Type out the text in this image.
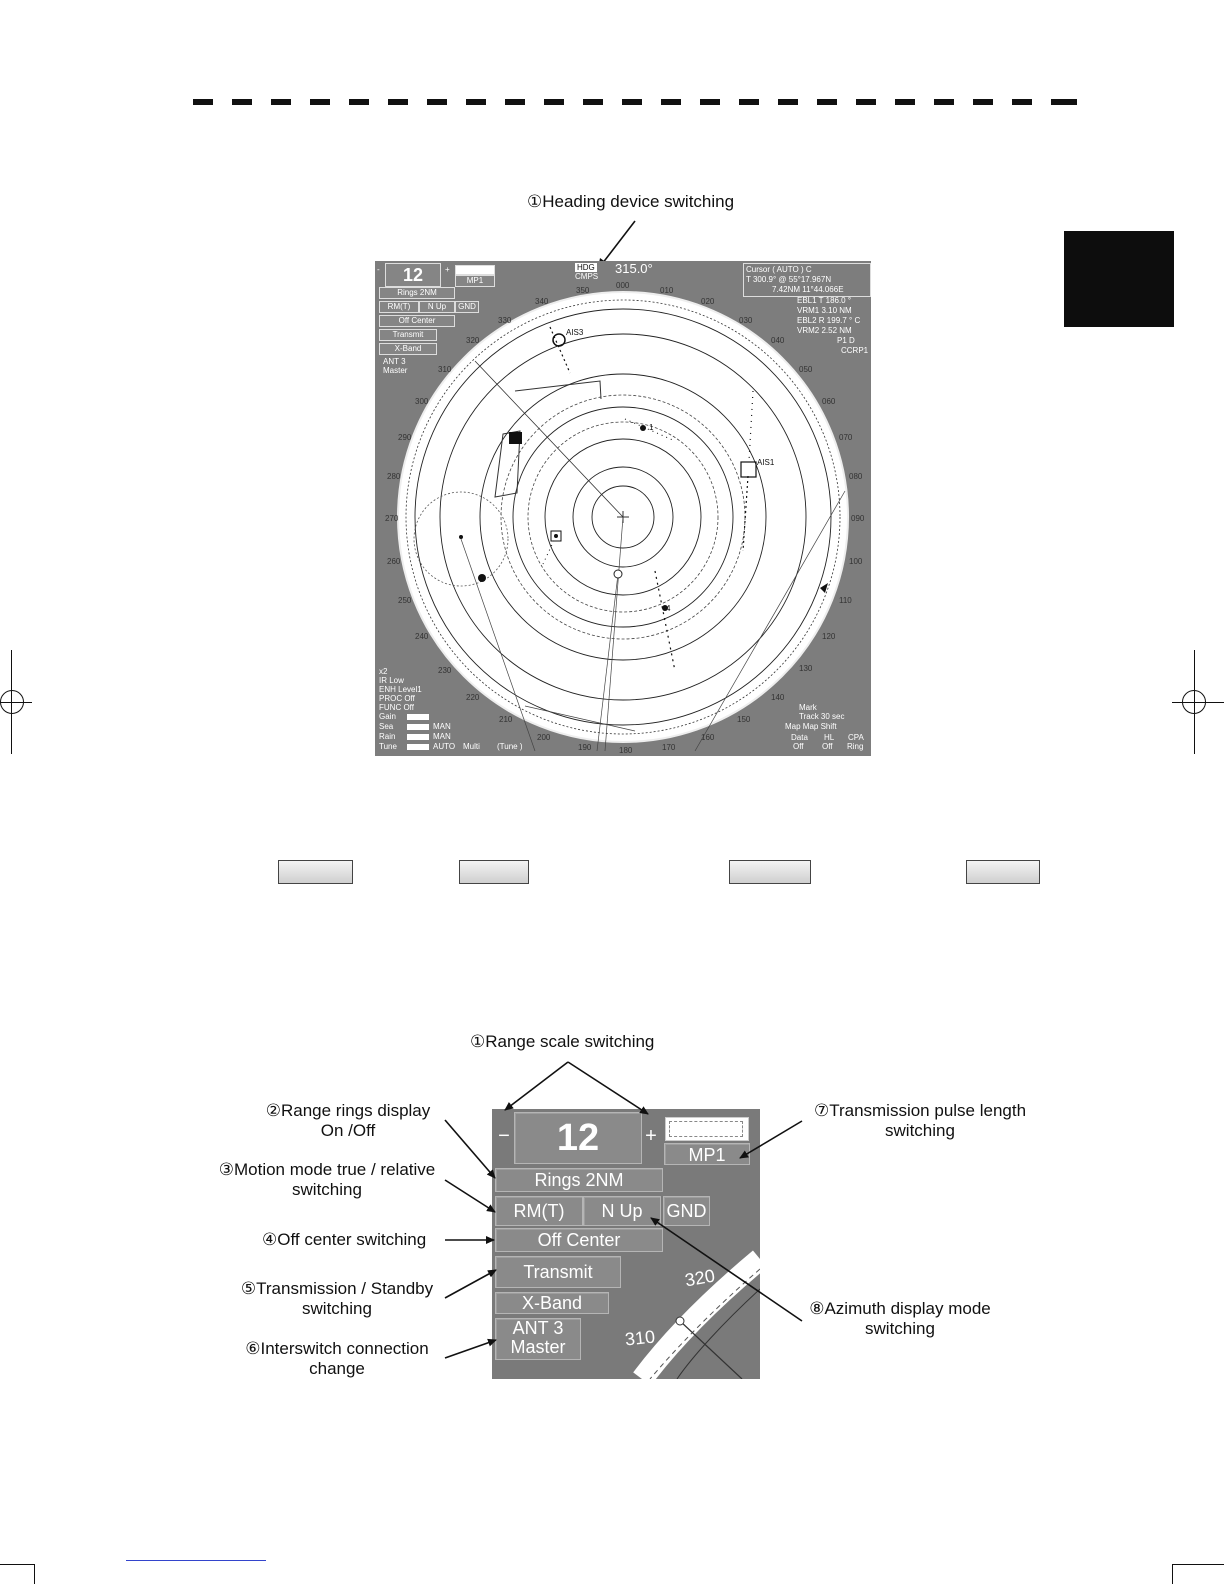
①Heading device switching
000
010
020
030
040
050
060
070
080
090
100
110
120
130
140
150
160
170
180
190
200
210
220
230
240
250
260
270
280
290
300
310
320
330
340
350
1
4
AIS1
AIS3
-	12	+
MP1
Rings 2NM
RM(T)	N Up	GND
Off Center
Transmit
X-Band
ANT 3
Master
HDG
CMPS
315.0°	Cursor ( AUTO ) C
T 300.9° @ 55°17.967N
7.42NM 11°44.066E
EBL1 T 186.0 °
VRM1 3.10 NM
EBL2 R 199.7 ° C
VRM2 2.52 NM
P1 D
CCRP1
x2
IR Low
ENH Level1
PROC Off
FUNC Off
Gain
Sea
Rain
Tune
MAN
MAN
AUTO Multi (Tune )
Mark
Track 30 sec
Map Map Shift
Data
Off
HL
Off
CPA
Ring
①Range scale switching
②Range rings display
On /Off
③Motion mode true / relative
switching
④Off center switching
⑤Transmission / Standby
switching
⑥Interswitch connection
change
⑦Transmission pulse length
switching
⑧Azimuth display mode
switching
−	12	+
MP1
Rings 2NM
RM(T)	N Up	GND
Off Center
Transmit
X-Band
ANT 3
Master
320
310
